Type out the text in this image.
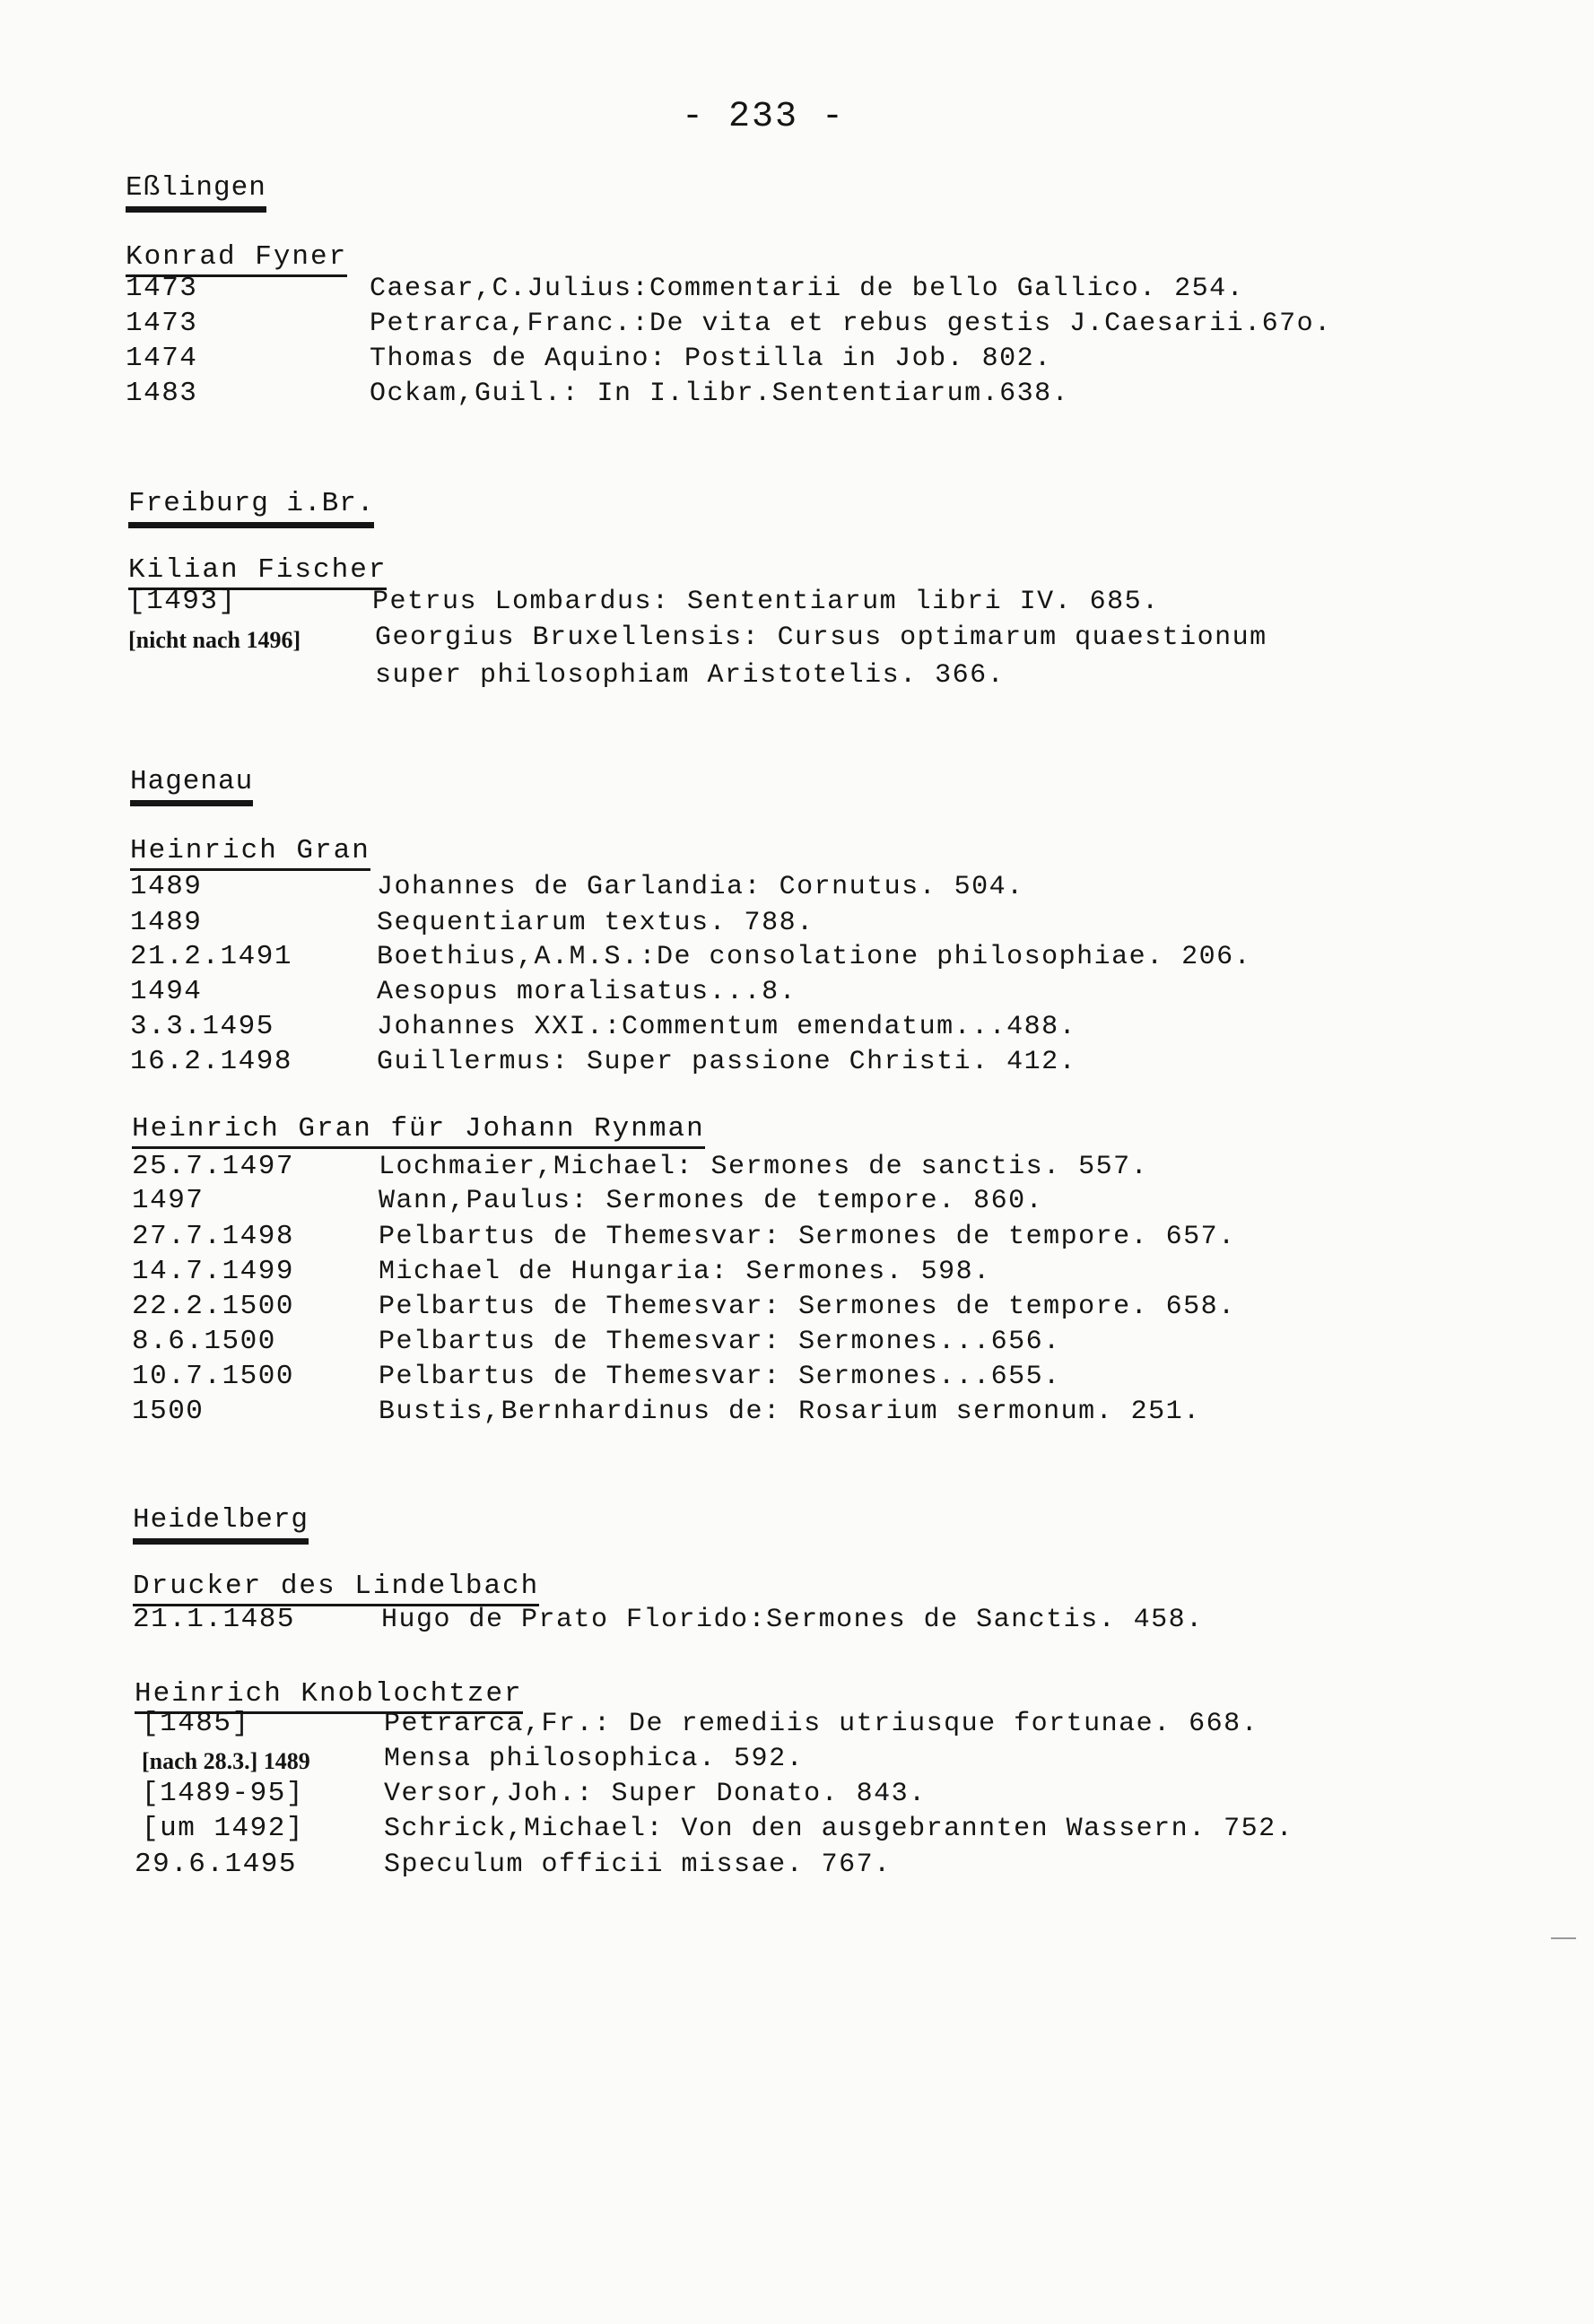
- 233 -
Eßlingen
Konrad Fyner
1473	Caesar,C.Julius:Commentarii de bello Gallico. 254.
1473	Petrarca,Franc.:De vita et rebus gestis J.Caesarii.67o.
1474	Thomas de Aquino: Postilla in Job. 802.
1483	Ockam,Guil.: In I.libr.Sententiarum.638.
Freiburg i.Br.
Kilian Fischer
[1493]	Petrus Lombardus: Sententiarum libri IV. 685.
[nicht nach 1496]	Georgius Bruxellensis: Cursus optimarum quaestionum
super philosophiam Aristotelis. 366.
Hagenau
Heinrich Gran
1489	Johannes de Garlandia: Cornutus. 504.
1489	Sequentiarum textus. 788.
21.2.1491	Boethius,A.M.S.:De consolatione philosophiae. 206.
1494	Aesopus moralisatus...8.
3.3.1495	Johannes XXI.:Commentum emendatum...488.
16.2.1498	Guillermus: Super passione Christi. 412.
Heinrich Gran für Johann Rynman
25.7.1497	Lochmaier,Michael: Sermones de sanctis. 557.
1497	Wann,Paulus: Sermones de tempore. 860.
27.7.1498	Pelbartus de Themesvar: Sermones de tempore. 657.
14.7.1499	Michael de Hungaria: Sermones. 598.
22.2.1500	Pelbartus de Themesvar: Sermones de tempore. 658.
8.6.1500	Pelbartus de Themesvar: Sermones...656.
10.7.1500	Pelbartus de Themesvar: Sermones...655.
1500	Bustis,Bernhardinus de: Rosarium sermonum. 251.
Heidelberg
Drucker des Lindelbach
21.1.1485	Hugo de Prato Florido:Sermones de Sanctis. 458.
Heinrich Knoblochtzer
[1485]	Petrarca,Fr.: De remediis utriusque fortunae. 668.
[nach 28.3.] 1489	Mensa philosophica. 592.
[1489-95]	Versor,Joh.: Super Donato. 843.
[um 1492]	Schrick,Michael: Von den ausgebrannten Wassern. 752.
29.6.1495	Speculum officii missae. 767.
